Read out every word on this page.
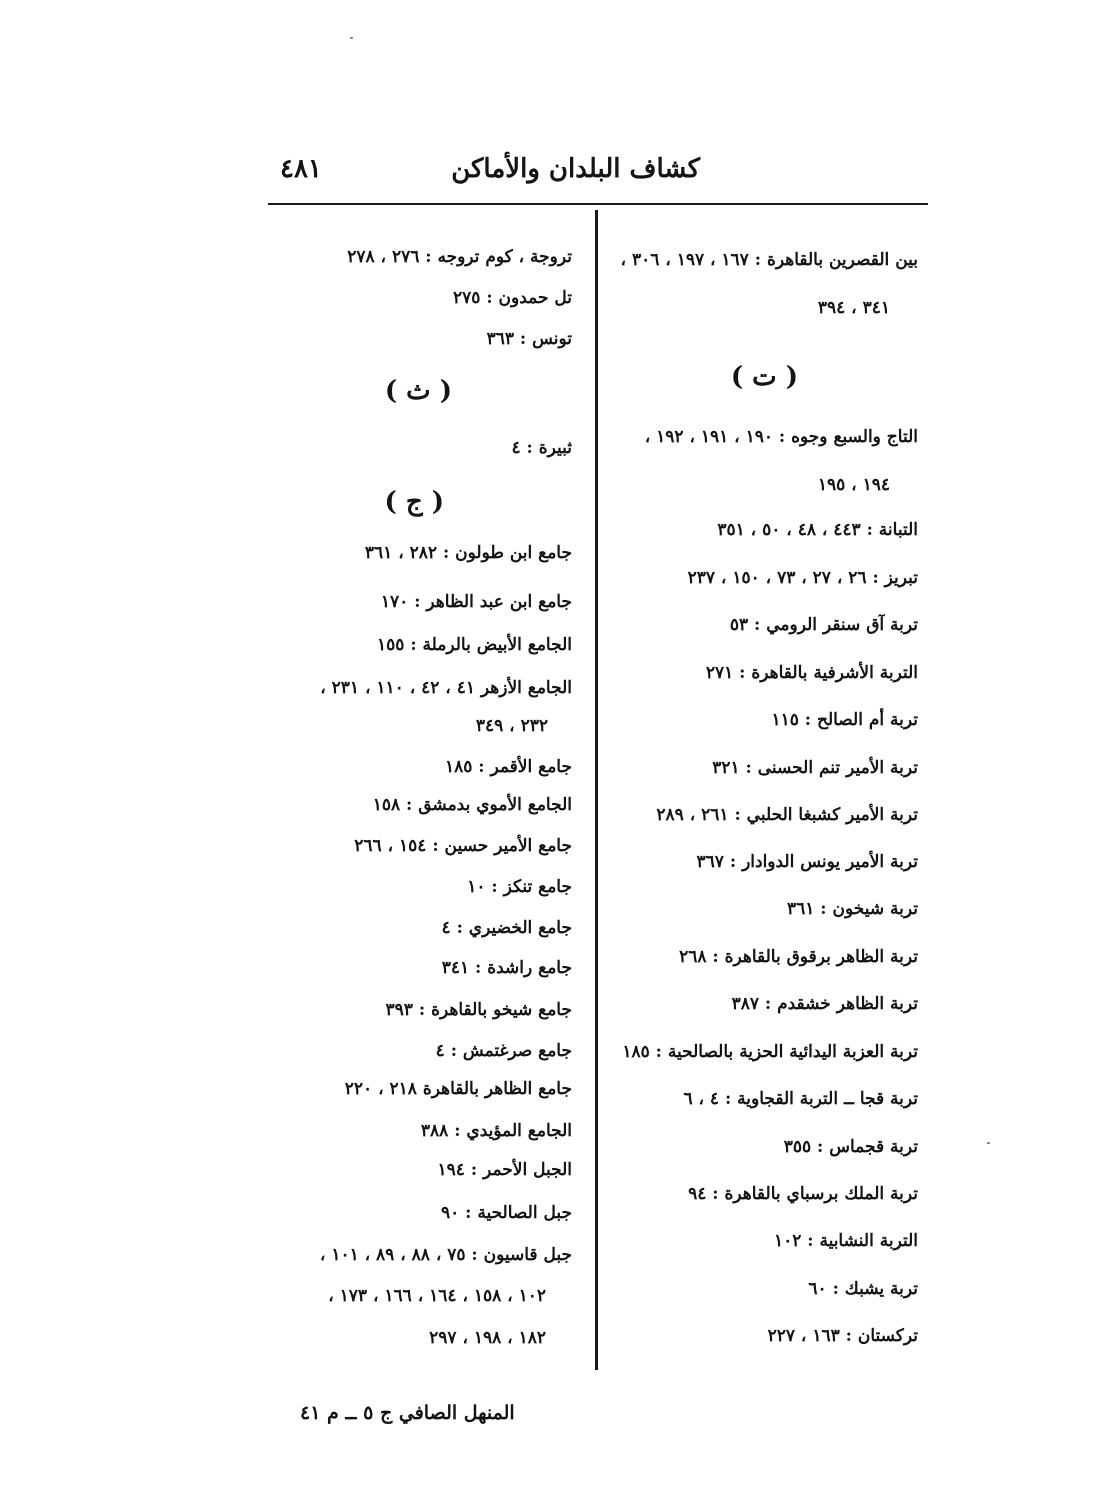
كشاف البلدان والأماكن
٤٨١
بين القصرين بالقاهرة : ١٦٧ ، ١٩٧ ، ٣٠٦ ،
٣٤١ ، ٣٩٤
( ت )
التاج والسبع وجوه : ١٩٠ ، ١٩١ ، ١٩٢ ،
١٩٤ ، ١٩٥
التبانة : ٤٤٣ ، ٤٨ ، ٥٠ ، ٣٥١
تبريز : ٢٦ ، ٢٧ ، ٧٣ ، ١٥٠ ، ٢٣٧
تربة آق سنقر الرومي : ٥٣
التربة الأشرفية بالقاهرة : ٢٧١
تربة أم الصالح : ١١٥
تربة الأمير تنم الحسنى : ٣٢١
تربة الأمير كشبغا الحلبي : ٢٦١ ، ٢٨٩
تربة الأمير يونس الدوادار : ٣٦٧
تربة شيخون : ٣٦١
تربة الظاهر برقوق بالقاهرة : ٢٦٨
تربة الظاهر خشقدم : ٣٨٧
تربة العزبة اليدائية الحزية بالصالحية : ١٨٥
تربة قجا ــ التربة القجاوية : ٤ ، ٦
تربة قجماس : ٣٥٥
تربة الملك برسباي بالقاهرة : ٩٤
التربة النشابية : ١٠٢
تربة يشبك : ٦٠
تركستان : ١٦٣ ، ٢٢٧
تروجة ، كوم تروجه : ٢٧٦ ، ٢٧٨
تل حمدون : ٢٧٥
تونس : ٣٦٣
( ث )
ثبيرة : ٤
( ج )
جامع ابن طولون : ٢٨٢ ، ٣٦١
جامع ابن عبد الظاهر : ١٧٠
الجامع الأبيض بالرملة : ١٥٥
الجامع الأزهر ٤١ ، ٤٢ ، ١١٠ ، ٢٣١ ،
٢٣٢ ، ٣٤٩
جامع الأقمر : ١٨٥
الجامع الأموي بدمشق : ١٥٨
جامع الأمير حسين : ١٥٤ ، ٢٦٦
جامع تنكز : ١٠
جامع الخضيري : ٤
جامع راشدة : ٣٤١
جامع شيخو بالقاهرة : ٣٩٣
جامع صرغتمش : ٤
جامع الظاهر بالقاهرة ٢١٨ ، ٢٢٠
الجامع المؤيدي : ٣٨٨
الجبل الأحمر : ١٩٤
جبل الصالحية : ٩٠
جبل قاسيون : ٧٥ ، ٨٨ ، ٨٩ ، ١٠١ ،
١٠٢ ، ١٥٨ ، ١٦٤ ، ١٦٦ ، ١٧٣ ،
١٨٢ ، ١٩٨ ، ٢٩٧
المنهل الصافي ج ٥ ــ م ٤١
